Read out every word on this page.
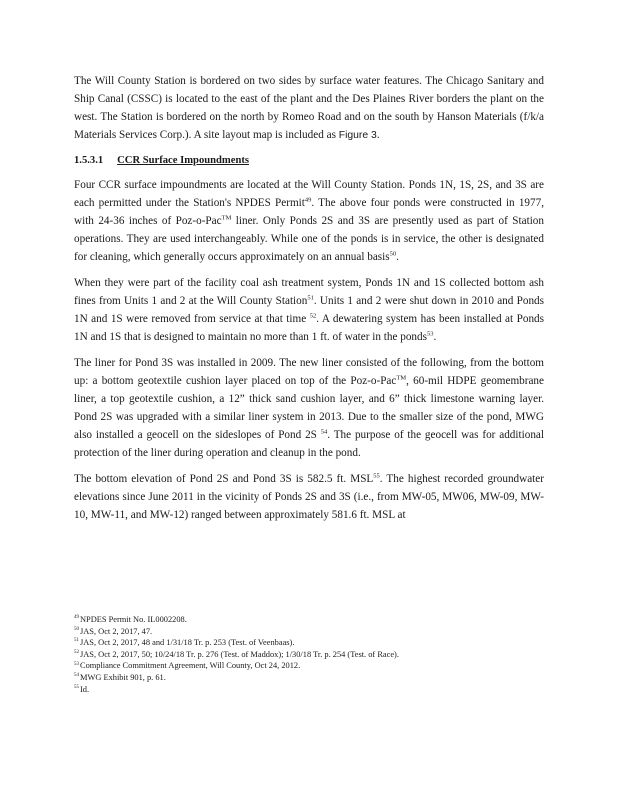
The Will County Station is bordered on two sides by surface water features. The Chicago Sanitary and Ship Canal (CSSC) is located to the east of the plant and the Des Plaines River borders the plant on the west. The Station is bordered on the north by Romeo Road and on the south by Hanson Materials (f/k/a Materials Services Corp.). A site layout map is included as Figure 3.

1.5.3.1 CCR Surface Impoundments

Four CCR surface impoundments are located at the Will County Station. Ponds 1N, 1S, 2S, and 3S are each permitted under the Station's NPDES Permit$^{49}$. The above four ponds were constructed in 1977, with 24-36 inches of Poz-o-Pac™ liner. Only Ponds 2S and 3S are presently used as part of Station operations. They are used interchangeably. While one of the ponds is in service, the other is designated for cleaning, which generally occurs approximately on an annual basis$^{50}$.

When they were part of the facility coal ash treatment system, Ponds 1N and 1S collected bottom ash fines from Units 1 and 2 at the Will County Station$^{51}$. Units 1 and 2 were shut down in 2010 and Ponds 1N and 1S were removed from service at that time $^{52}$. A dewatering system has been installed at Ponds 1N and 1S that is designed to maintain no more than 1 ft. of water in the ponds$^{53}$.

The liner for Pond 3S was installed in 2009. The new liner consisted of the following, from the bottom up: a bottom geotextile cushion layer placed on top of the Poz-o-Pac™, 60-mil HDPE geomembrane liner, a top geotextile cushion, a 12” thick sand cushion layer, and 6” thick limestone warning layer. Pond 2S was upgraded with a similar liner system in 2013. Due to the smaller size of the pond, MWG also installed a geocell on the sideslopes of Pond 2S $^{54}$. The purpose of the geocell was for additional protection of the liner during operation and cleanup in the pond.

The bottom elevation of Pond 2S and Pond 3S is 582.5 ft. MSL$^{55}$. The highest recorded groundwater elevations since June 2011 in the vicinity of Ponds 2S and 3S (i.e., from MW-05, MW06, MW-09, MW-10, MW-11, and MW-12) ranged between approximately 581.6 ft. MSL at

$^{49}$NPDES Permit No. IL0002208.
$^{50}$JAS, Oct 2, 2017, 47.
$^{51}$JAS, Oct 2, 2017, 48 and 1/31/18 Tr. p. 253 (Test. of Veenbaas).
$^{52}$JAS, Oct 2, 2017, 50; 10/24/18 Tr. p. 276 (Test. of Maddox); 1/30/18 Tr. p. 254 (Test. of Race).
$^{53}$Compliance Commitment Agreement, Will County, Oct 24, 2012.
$^{54}$MWG Exhibit 901, p. 61.
$^{55}$Id.
